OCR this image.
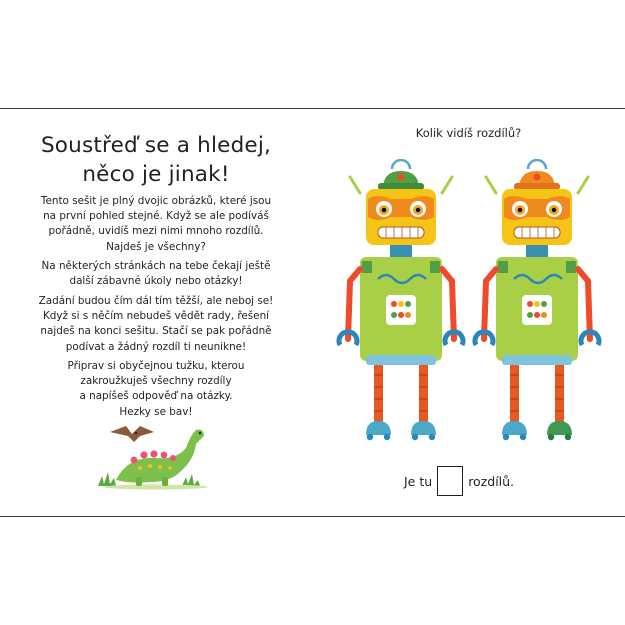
Soustřeď se a hledej,
něco je jinak!
Tento sešit je plný dvojic obrázků, které jsou
na první pohled stejné. Když se ale podíváš
pořádně, uvidíš mezi nimi mnoho rozdílů.
Najdeš je všechny?
Na některých stránkách na tebe čekají ještě
další zábavné úkoly nebo otázky!
Zadání budou čím dál tím těžší, ale neboj se!
Když si s něčím nebudeš vědět rady, řešení
najdeš na konci sešitu. Stačí se pak pořádně
podívat a žádný rozdíl ti neunikne!
Připrav si obyčejnou tužku, kterou
zakroužkuješ všechny rozdíly
a napíšeš odpověď na otázky.
Hezky se bav!
Kolik vidíš rozdílů?
Je tu	rozdílů.
